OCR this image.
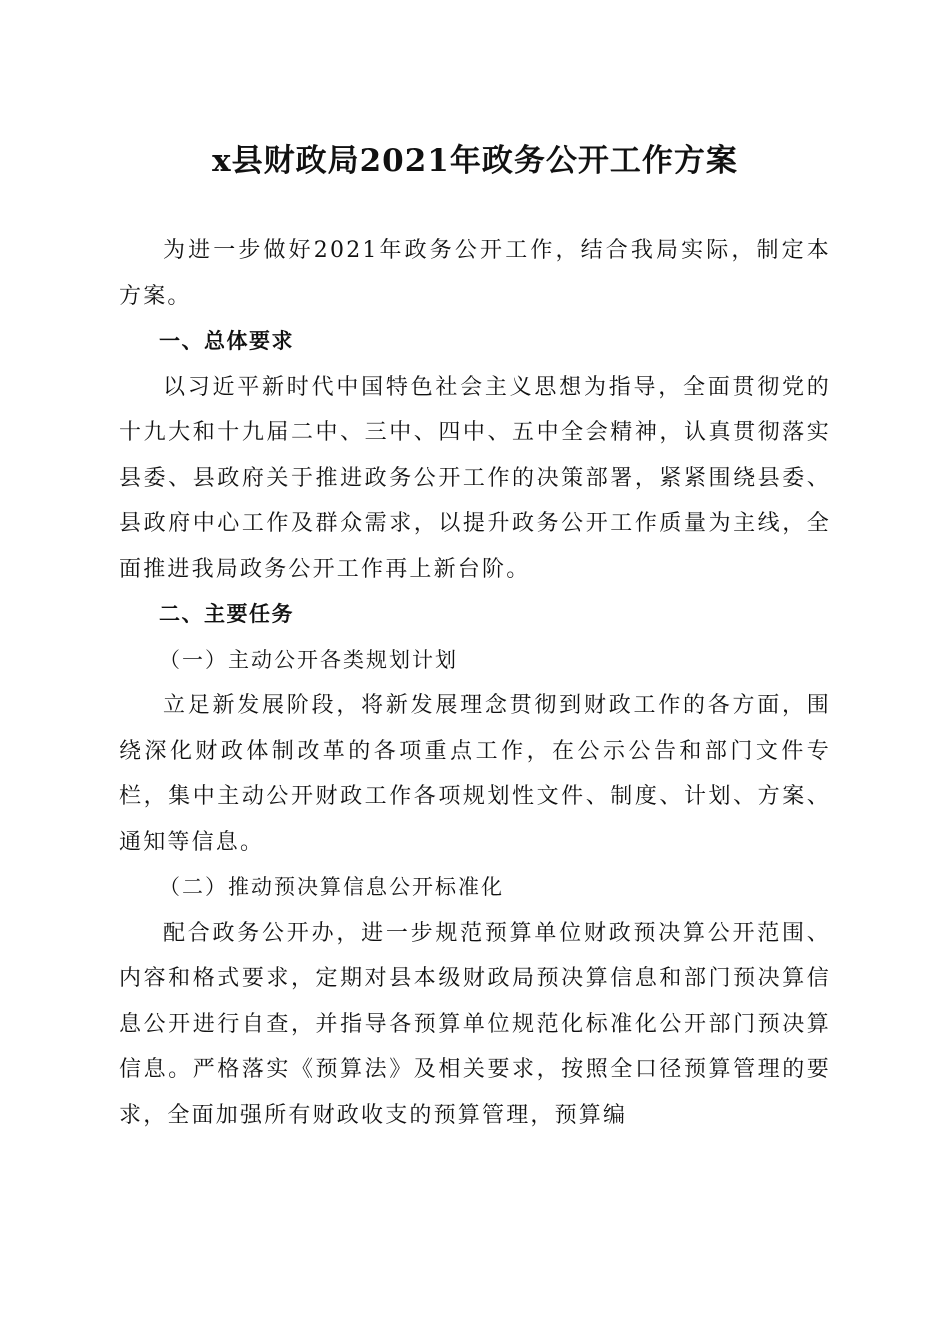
x县财政局2021年政务公开工作方案

为进一步做好2021年政务公开工作，结合我局实际，制定本方案。

一、总体要求

以习近平新时代中国特色社会主义思想为指导，全面贯彻党的十九大和十九届二中、三中、四中、五中全会精神，认真贯彻落实县委、县政府关于推进政务公开工作的决策部署，紧紧围绕县委、县政府中心工作及群众需求，以提升政务公开工作质量为主线，全面推进我局政务公开工作再上新台阶。

二、主要任务

（一）主动公开各类规划计划

立足新发展阶段，将新发展理念贯彻到财政工作的各方面，围绕深化财政体制改革的各项重点工作，在公示公告和部门文件专栏，集中主动公开财政工作各项规划性文件、制度、计划、方案、通知等信息。

（二）推动预决算信息公开标准化

配合政务公开办，进一步规范预算单位财政预决算公开范围、内容和格式要求，定期对县本级财政局预决算信息和部门预决算信息公开进行自查，并指导各预算单位规范化标准化公开部门预决算信息。严格落实《预算法》及相关要求，按照全口径预算管理的要求，全面加强所有财政收支的预算管理，预算编
